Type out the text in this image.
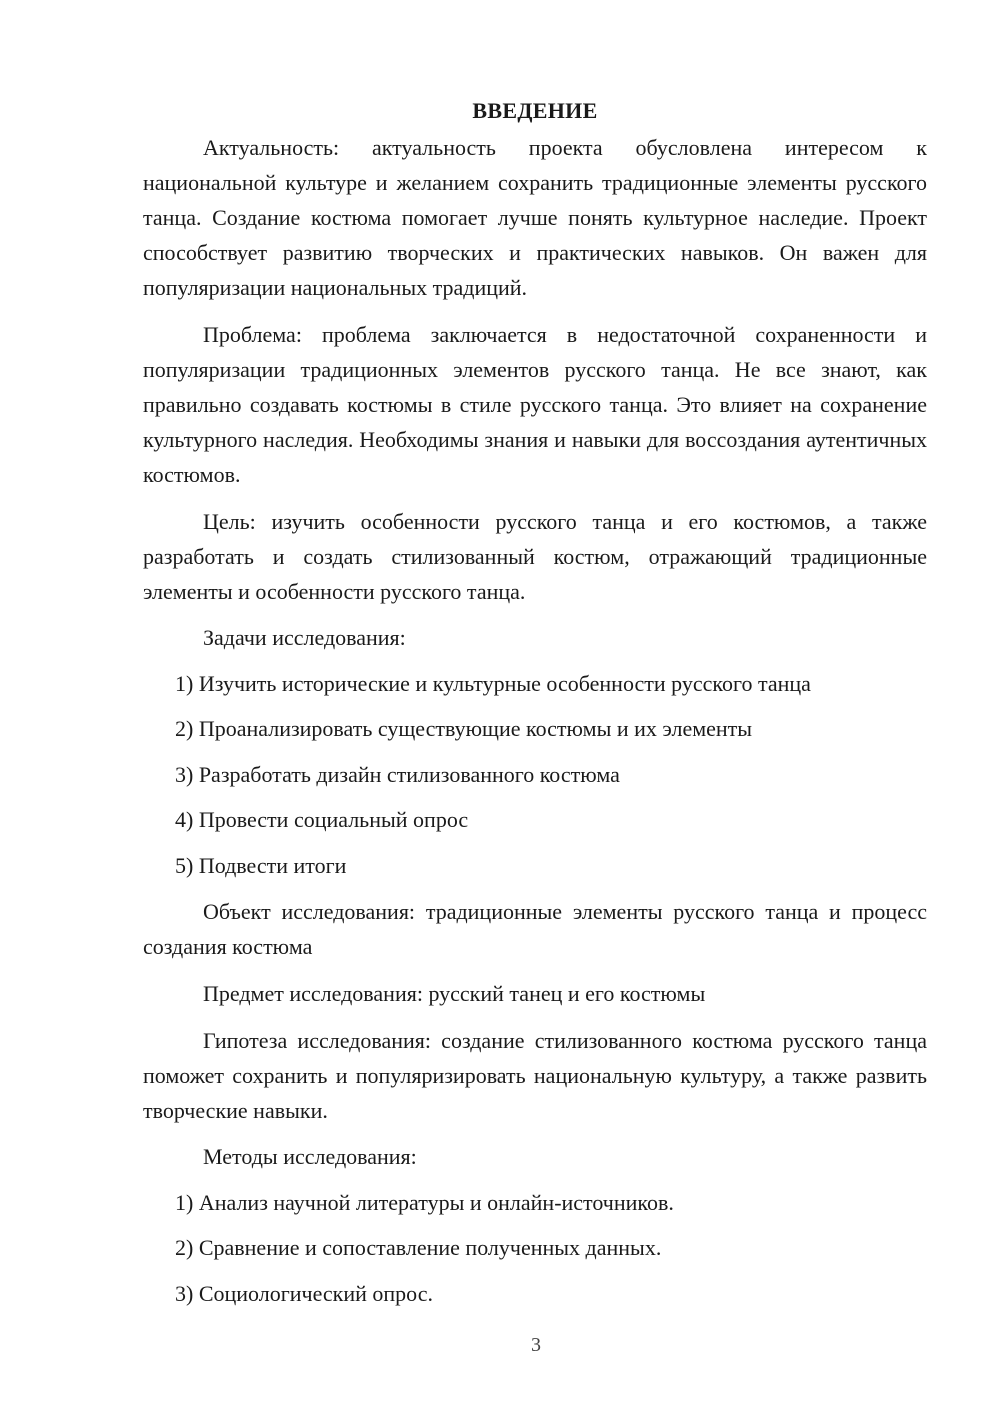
ВВЕДЕНИЕ

Актуальность: актуальность проекта обусловлена интересом к национальной культуре и желанием сохранить традиционные элементы русского танца. Создание костюма помогает лучше понять культурное наследие. Проект способствует развитию творческих и практических навыков. Он важен для популяризации национальных традиций.

Проблема: проблема заключается в недостаточной сохраненности и популяризации традиционных элементов русского танца. Не все знают, как правильно создавать костюмы в стиле русского танца. Это влияет на сохранение культурного наследия. Необходимы знания и навыки для воссоздания аутентичных костюмов.

Цель: изучить особенности русского танца и его костюмов, а также разработать и создать стилизованный костюм, отражающий традиционные элементы и особенности русского танца.

Задачи исследования:
1) Изучить исторические и культурные особенности русского танца
2) Проанализировать существующие костюмы и их элементы
3) Разработать дизайн стилизованного костюма
4) Провести социальный опрос
5) Подвести итоги

Объект исследования: традиционные элементы русского танца и процесс создания костюма

Предмет исследования: русский танец и его костюмы

Гипотеза исследования: создание стилизованного костюма русского танца поможет сохранить и популяризировать национальную культуру, а также развить творческие навыки.

Методы исследования:
1) Анализ научной литературы и онлайн-источников.
2) Сравнение и сопоставление полученных данных.
3) Социологический опрос.
3
